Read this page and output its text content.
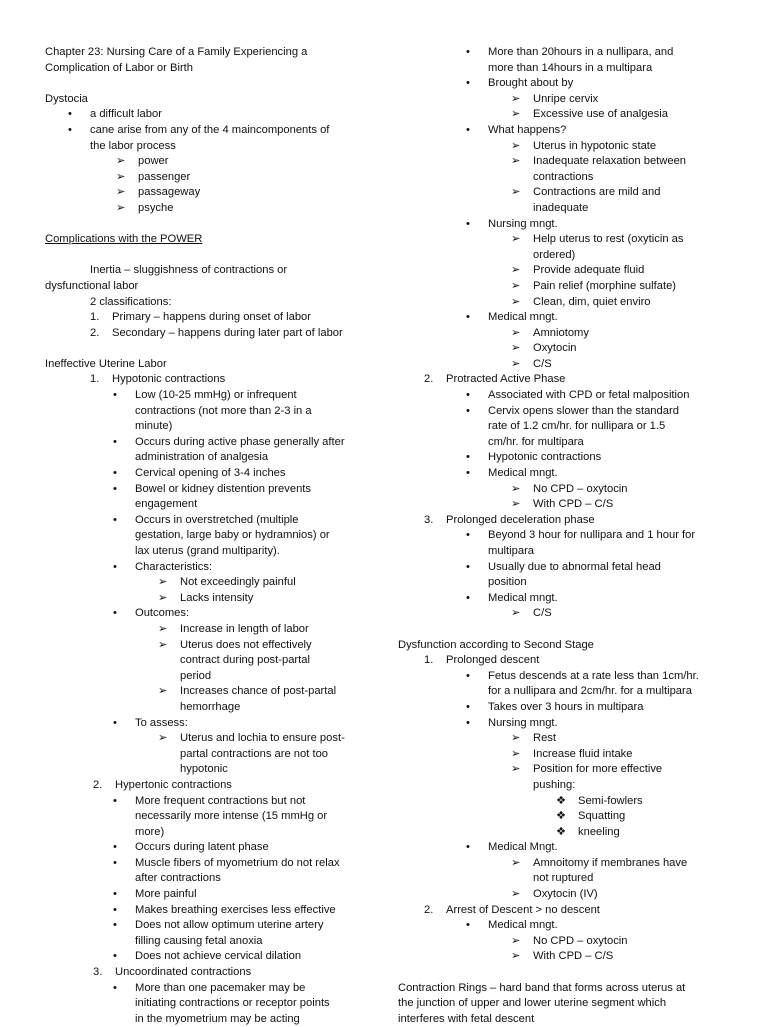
Chapter 23: Nursing Care of a Family Experiencing a
Complication of Labor or Birth
Dystocia
• a difficult labor
• cane arise from any of the 4 maincomponents of
the labor process
➢ power
➢ passenger
➢ passageway
➢ psyche
Complications with the POWER
Inertia – sluggishness of contractions or
dysfunctional labor
2 classifications:
1. Primary – happens during onset of labor
2. Secondary – happens during later part of labor
Ineffective Uterine Labor
1. Hypotonic contractions
• Low (10-25 mmHg) or infrequent
contractions (not more than 2-3 in a
minute)
• Occurs during active phase generally after
administration of analgesia
• Cervical opening of 3-4 inches
• Bowel or kidney distention prevents
engagement
• Occurs in overstretched (multiple
gestation, large baby or hydramnios) or
lax uterus (grand multiparity).
• Characteristics:
➢ Not exceedingly painful
➢ Lacks intensity
• Outcomes:
➢ Increase in length of labor
➢ Uterus does not effectively
contract during post-partal
period
➢ Increases chance of post-partal
hemorrhage
• To assess:
➢ Uterus and lochia to ensure post-
partal contractions are not too
hypotonic
2. Hypertonic contractions
• More frequent contractions but not
necessarily more intense (15 mmHg or
more)
• Occurs during latent phase
• Muscle fibers of myometrium do not relax
after contractions
• More painful
• Makes breathing exercises less effective
• Does not allow optimum uterine artery
filling causing fetal anoxia
• Does not achieve cervical dilation
3. Uncoordinated contractions
• More than one pacemaker may be
initiating contractions or receptor points
in the myometrium may be acting
• More than 20hours in a nullipara, and
more than 14hours in a multipara
• Brought about by
➢ Unripe cervix
➢ Excessive use of analgesia
• What happens?
➢ Uterus in hypotonic state
➢ Inadequate relaxation between
contractions
➢ Contractions are mild and
inadequate
• Nursing mngt.
➢ Help uterus to rest (oxyticin as
ordered)
➢ Provide adequate fluid
➢ Pain relief (morphine sulfate)
➢ Clean, dim, quiet enviro
• Medical mngt.
➢ Amniotomy
➢ Oxytocin
➢ C/S
2. Protracted Active Phase
• Associated with CPD or fetal malposition
• Cervix opens slower than the standard
rate of 1.2 cm/hr. for nullipara or 1.5
cm/hr. for multipara
• Hypotonic contractions
• Medical mngt.
➢ No CPD – oxytocin
➢ With CPD – C/S
3. Prolonged deceleration phase
• Beyond 3 hour for nullipara and 1 hour for
multipara
• Usually due to abnormal fetal head
position
• Medical mngt.
➢ C/S
Dysfunction according to Second Stage
1. Prolonged descent
• Fetus descends at a rate less than 1cm/hr.
for a nullipara and 2cm/hr. for a multipara
• Takes over 3 hours in multipara
• Nursing mngt.
➢ Rest
➢ Increase fluid intake
➢ Position for more effective
pushing:
❖ Semi-fowlers
❖ Squatting
❖ kneeling
• Medical Mngt.
➢ Amnoitomy if membranes have
not ruptured
➢ Oxytocin (IV)
2. Arrest of Descent > no descent
• Medical mngt.
➢ No CPD – oxytocin
➢ With CPD – C/S
Contraction Rings – hard band that forms across uterus at
the junction of upper and lower uterine segment which
interferes with fetal descent
